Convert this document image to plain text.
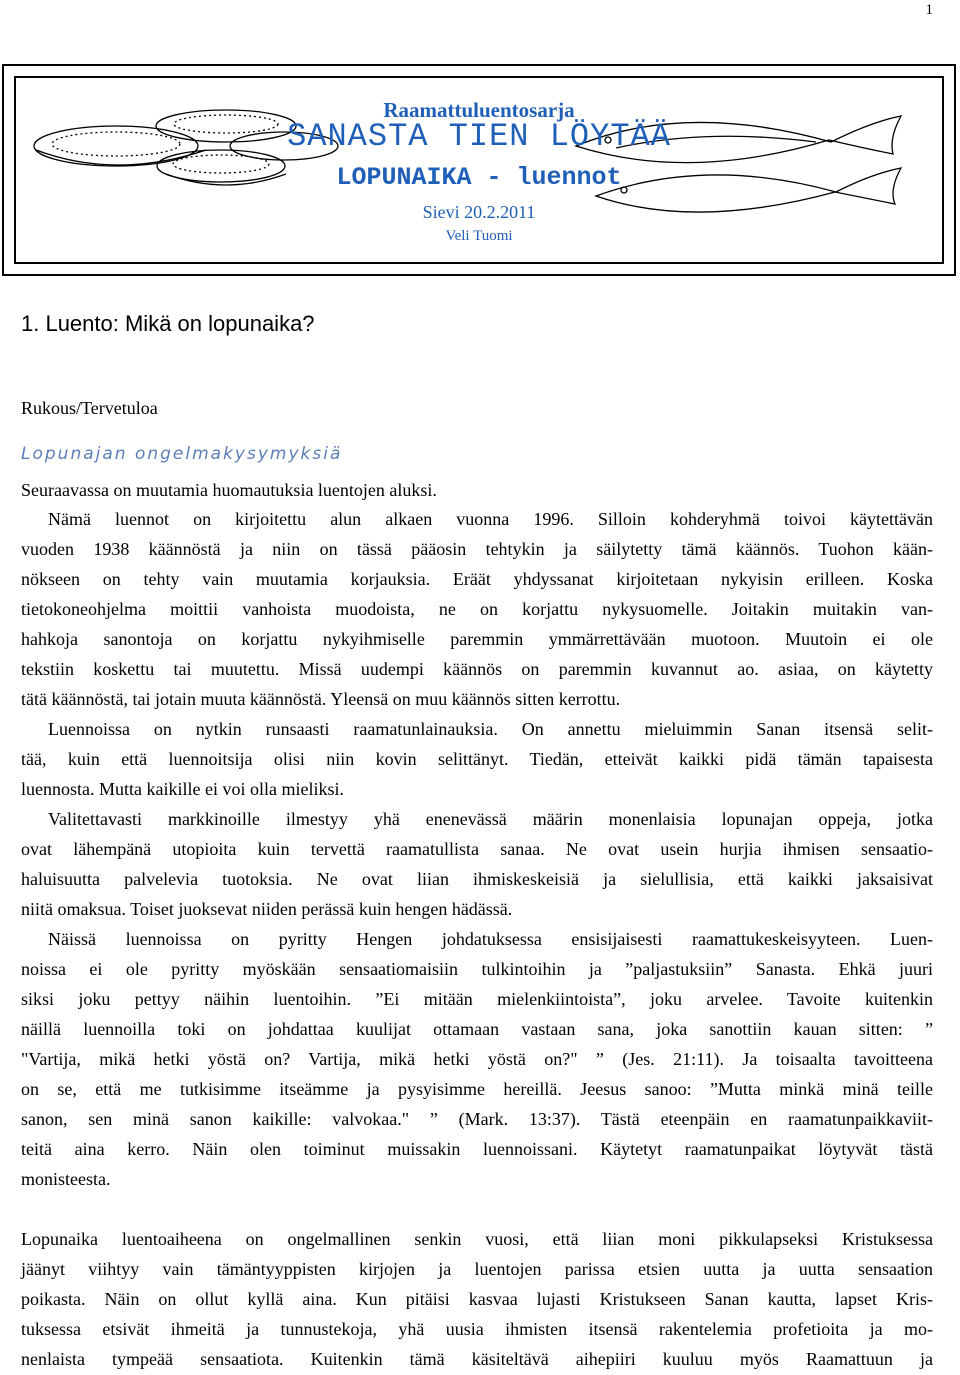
1
Raamattuluentosarja
SANASTA TIEN LÖYTÄÄ
LOPUNAIKA - luennot
Sievi 20.2.2011
Veli Tuomi
1. Luento: Mikä on lopunaika?
Rukous/Tervetuloa
Lopunajan ongelmakysymyksiä
Seuraavassa on muutamia huomautuksia luentojen aluksi.
Nämä luennot on kirjoitettu alun alkaen vuonna 1996. Silloin kohderyhmä toivoi käytettävän
vuoden 1938 käännöstä ja niin on tässä pääosin tehtykin ja säilytetty tämä käännös. Tuohon kään-
nökseen on tehty vain muutamia korjauksia. Eräät yhdyssanat kirjoitetaan nykyisin erilleen. Koska
tietokoneohjelma moittii vanhoista muodoista, ne on korjattu nykysuomelle. Joitakin muitakin van-
hahkoja sanontoja on korjattu nykyihmiselle paremmin ymmärrettävään muotoon. Muutoin ei ole
tekstiin koskettu tai muutettu. Missä uudempi käännös on paremmin kuvannut ao. asiaa, on käytetty
tätä käännöstä, tai jotain muuta käännöstä. Yleensä on muu käännös sitten kerrottu.
Luennoissa on nytkin runsaasti raamatunlainauksia. On annettu mieluimmin Sanan itsensä selit-
tää, kuin että luennoitsija olisi niin kovin selittänyt. Tiedän, etteivät kaikki pidä tämän tapaisesta
luennosta. Mutta kaikille ei voi olla mieliksi.
Valitettavasti markkinoille ilmestyy yhä enenevässä määrin monenlaisia lopunajan oppeja, jotka
ovat lähempänä utopioita kuin tervettä raamatullista sanaa. Ne ovat usein hurjia ihmisen sensaatio-
haluisuutta palvelevia tuotoksia. Ne ovat liian ihmiskeskeisiä ja sielullisia, että kaikki jaksaisivat
niitä omaksua. Toiset juoksevat niiden perässä kuin hengen hädässä.
Näissä luennoissa on pyritty Hengen johdatuksessa ensisijaisesti raamattukeskeisyyteen. Luen-
noissa ei ole pyritty myöskään sensaatiomaisiin tulkintoihin ja ”paljastuksiin” Sanasta. Ehkä juuri
siksi joku pettyy näihin luentoihin. ”Ei mitään mielenkiintoista”, joku arvelee. Tavoite kuitenkin
näillä luennoilla toki on johdattaa kuulijat ottamaan vastaan sana, joka sanottiin kauan sitten: ”
"Vartija, mikä hetki yöstä on? Vartija, mikä hetki yöstä on?" ” (Jes. 21:11). Ja toisaalta tavoitteena
on se, että me tutkisimme itseämme ja pysyisimme hereillä. Jeesus sanoo: ”Mutta minkä minä teille
sanon, sen minä sanon kaikille: valvokaa." ” (Mark. 13:37). Tästä eteenpäin en raamatunpaikkaviit-
teitä aina kerro. Näin olen toiminut muissakin luennoissani. Käytetyt raamatunpaikat löytyvät tästä
monisteesta.
Lopunaika luentoaiheena on ongelmallinen senkin vuosi, että liian moni pikkulapseksi Kristuksessa
jäänyt viihtyy vain tämäntyyppisten kirjojen ja luentojen parissa etsien uutta ja uutta sensaation
poikasta. Näin on ollut kyllä aina. Kun pitäisi kasvaa lujasti Kristukseen Sanan kautta, lapset Kris-
tuksessa etsivät ihmeitä ja tunnustekoja, yhä uusia ihmisten itsensä rakentelemia profetioita ja mo-
nenlaista tympeää sensaatiota. Kuitenkin tämä käsiteltävä aihepiiri kuuluu myös Raamattuun ja
